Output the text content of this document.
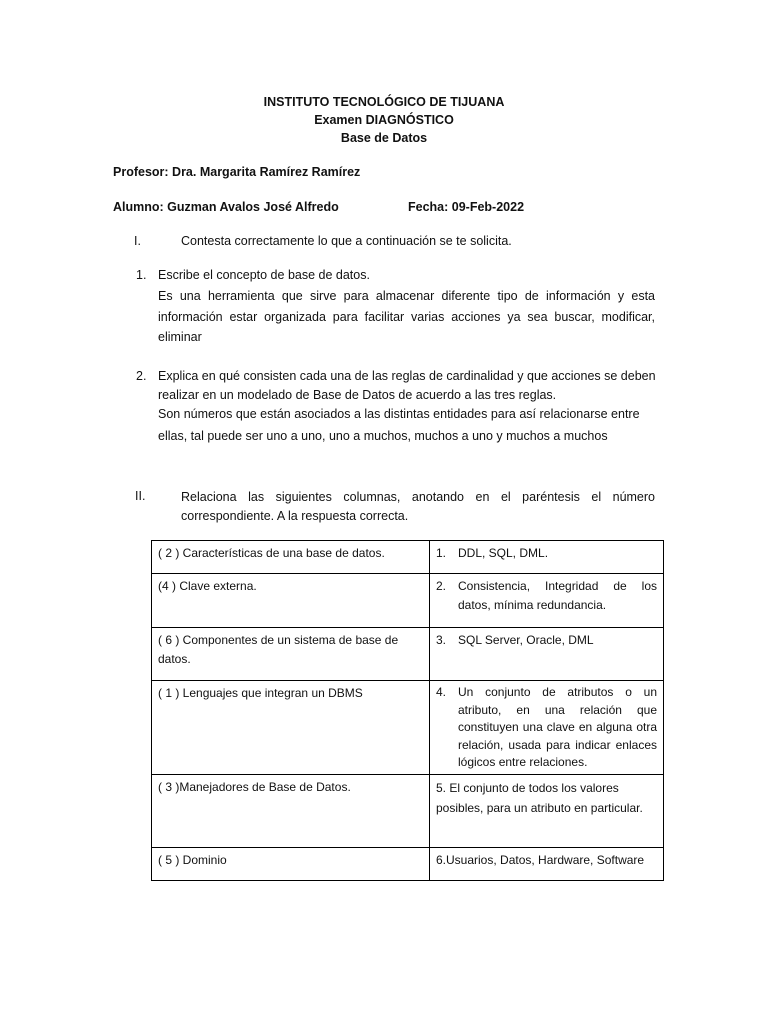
INSTITUTO TECNOLÓGICO DE TIJUANA
Examen DIAGNÓSTICO
Base de Datos
Profesor: Dra. Margarita Ramírez Ramírez
Alumno: Guzman Avalos José Alfredo	Fecha: 09-Feb-2022
I.	Contesta correctamente lo que a continuación se te solicita.
1. Escribe el concepto de base de datos.
Es una herramienta que sirve para almacenar diferente tipo de información y esta información estar organizada para facilitar varias acciones ya sea buscar, modificar, eliminar
2. Explica en qué consisten cada una de las reglas de cardinalidad y que acciones se deben
realizar en un modelado de Base de Datos de acuerdo a las tres reglas.
Son números que están asociados a las distintas entidades para así relacionarse entre
ellas, tal puede ser uno a uno, uno a muchos, muchos a uno y muchos a muchos
II.	Relaciona las siguientes columnas, anotando en el paréntesis el número correspondiente. A la respuesta correcta.
( 2 ) Características de una base de datos.	1. DDL, SQL, DML.

(4 ) Clave externa.	2. Consistencia, Integridad de los datos, mínima redundancia.

( 6 ) Componentes de un sistema de base de datos.	3. SQL Server, Oracle, DML

( 1 ) Lenguajes que integran un DBMS	4. Un conjunto de atributos o un atributo, en una relación que constituyen una clave en alguna otra relación, usada para indicar enlaces lógicos entre relaciones.

( 3 )Manejadores de Base de Datos.	5. El conjunto de todos los valores posibles, para un atributo en particular.
( 5 ) Dominio	6.Usuarios, Datos, Hardware, Software
